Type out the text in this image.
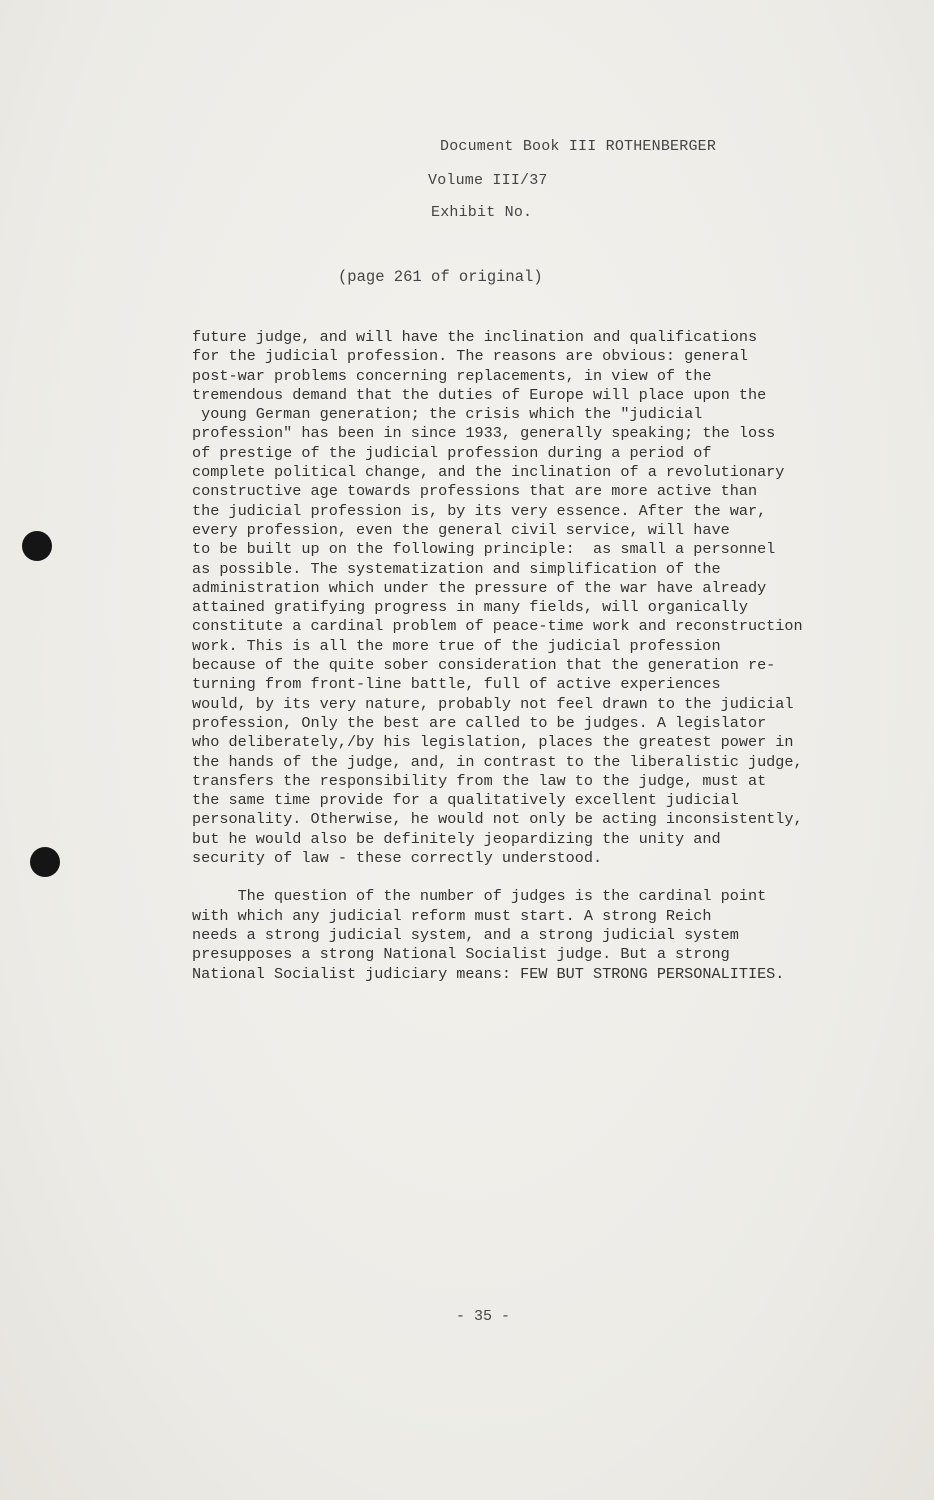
Document Book III ROTHENBERGER
Volume III/37
Exhibit No.
(page 261 of original)
future judge, and will have the inclination and qualifications
for the judicial profession. The reasons are obvious: general
post-war problems concerning replacements, in view of the
tremendous demand that the duties of Europe will place upon the
young German generation; the crisis which the "judicial
profession" has been in since 1933, generally speaking; the loss
of prestige of the judicial profession during a period of
complete political change, and the inclination of a revolutionary
constructive age towards professions that are more active than
the judicial profession is, by its very essence. After the war,
every profession, even the general civil service, will have
to be built up on the following principle:  as small a personnel
as possible. The systematization and simplification of the
administration which under the pressure of the war have already
attained gratifying progress in many fields, will organically
constitute a cardinal problem of peace-time work and reconstruction
work. This is all the more true of the judicial profession
because of the quite sober consideration that the generation re-
turning from front-line battle, full of active experiences
would, by its very nature, probably not feel drawn to the judicial
profession, Only the best are called to be judges. A legislator
who deliberately,/by his legislation, places the greatest power in
the hands of the judge, and, in contrast to the liberalistic judge,
transfers the responsibility from the law to the judge, must at
the same time provide for a qualitatively excellent judicial
personality. Otherwise, he would not only be acting inconsistently,
but he would also be definitely jeopardizing the unity and
security of law - these correctly understood.
The question of the number of judges is the cardinal point
with which any judicial reform must start. A strong Reich
needs a strong judicial system, and a strong judicial system
presupposes a strong National Socialist judge. But a strong
National Socialist judiciary means: FEW BUT STRONG PERSONALITIES.
- 35 -
